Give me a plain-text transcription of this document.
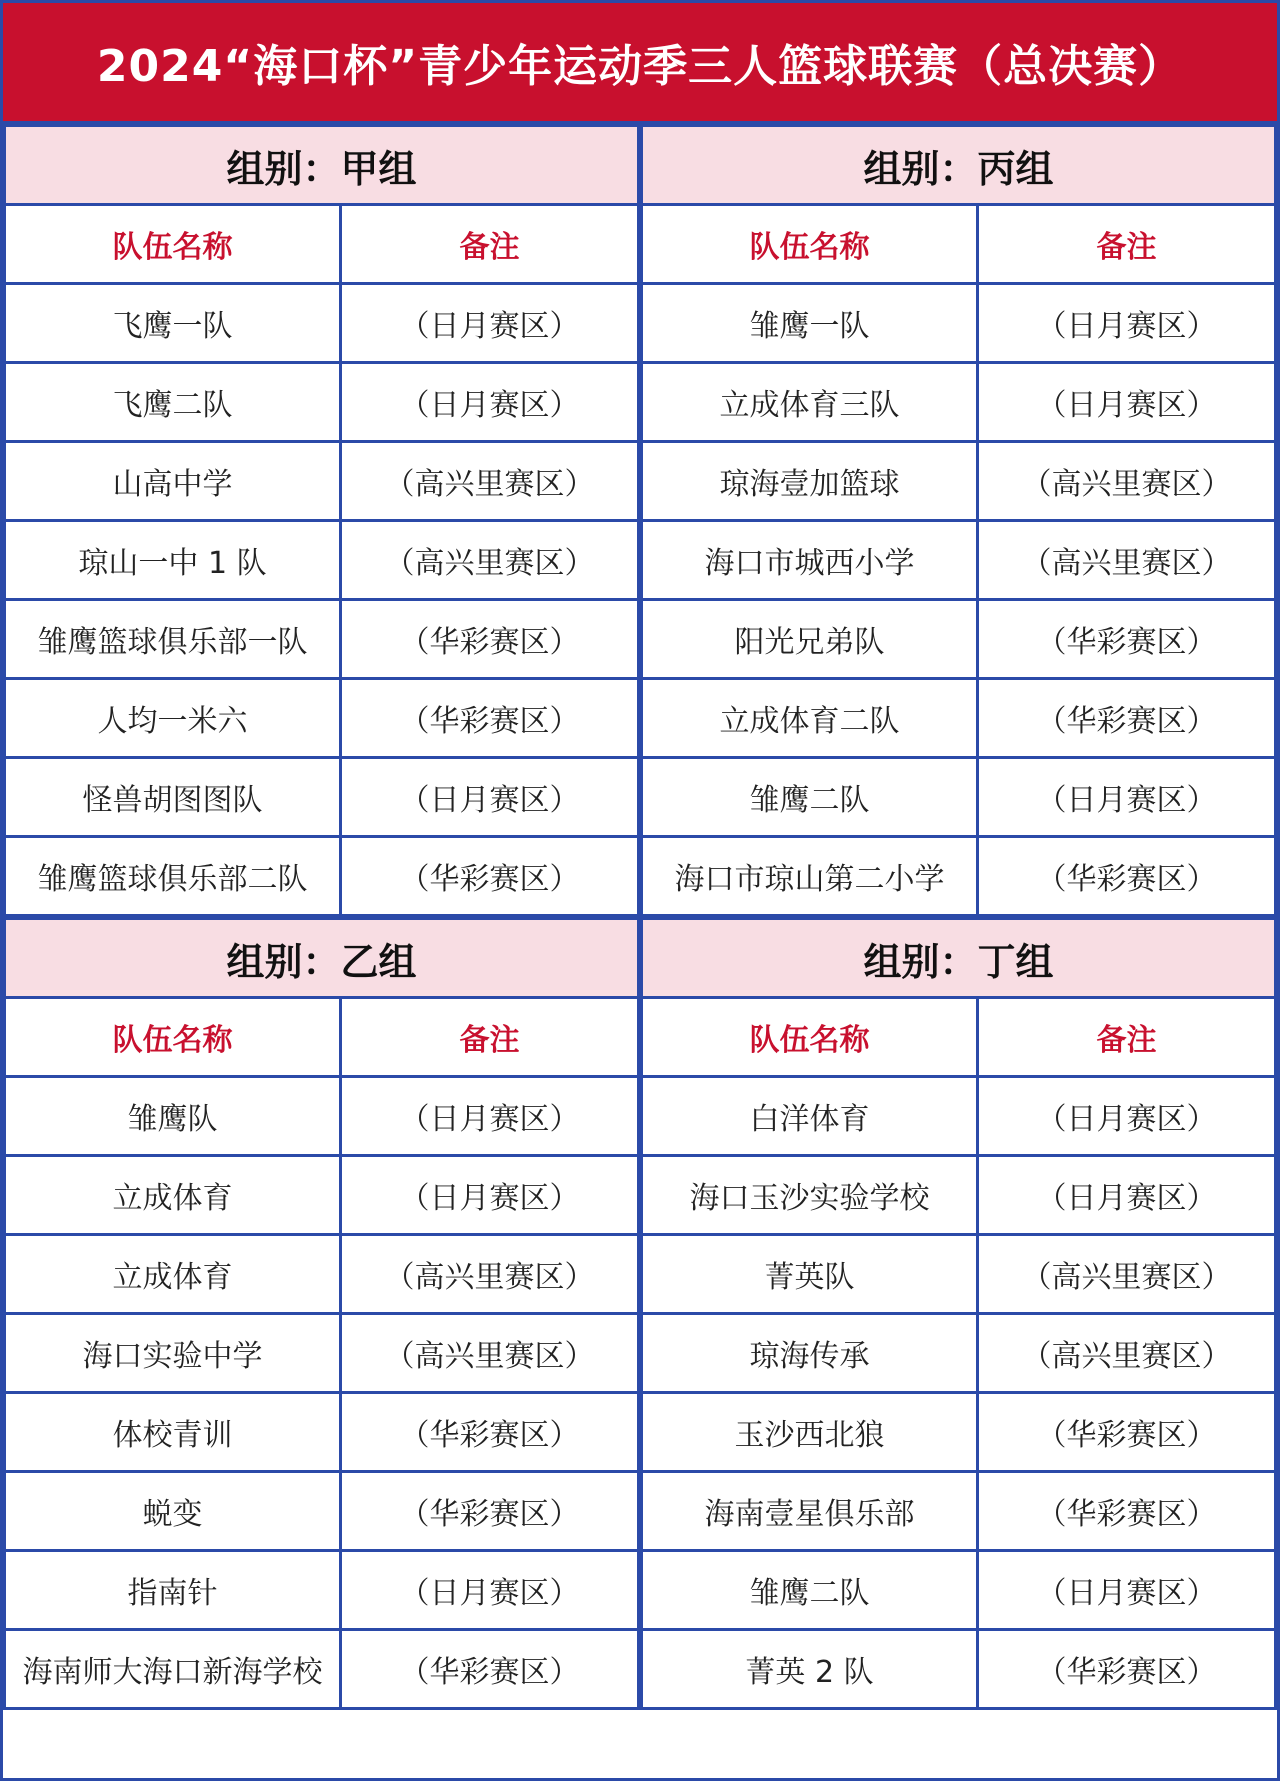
2024“海口杯”青少年运动季三人篮球联赛（总决赛）
组别：甲组	
队伍名称	备注
飞鹰一队	（日月赛区）
飞鹰二队	（日月赛区）
山高中学	（高兴里赛区）
琼山一中 1 队	（高兴里赛区）
雏鹰篮球俱乐部一队	（华彩赛区）
人均一米六	（华彩赛区）
怪兽胡图图队	（日月赛区）
雏鹰篮球俱乐部二队	（华彩赛区）
组别：丙组	
队伍名称	备注
雏鹰一队	（日月赛区）
立成体育三队	（日月赛区）
琼海壹加篮球	（高兴里赛区）
海口市城西小学	（高兴里赛区）
阳光兄弟队	（华彩赛区）
立成体育二队	（华彩赛区）
雏鹰二队	（日月赛区）
海口市琼山第二小学	（华彩赛区）
组别：乙组	
队伍名称	备注
雏鹰队	（日月赛区）
立成体育	（日月赛区）
立成体育	（高兴里赛区）
海口实验中学	（高兴里赛区）
体校青训	（华彩赛区）
蜕变	（华彩赛区）
指南针	（日月赛区）
海南师大海口新海学校	（华彩赛区）
组别：丁组	
队伍名称	备注
白洋体育	（日月赛区）
海口玉沙实验学校	（日月赛区）
菁英队	（高兴里赛区）
琼海传承	（高兴里赛区）
玉沙西北狼	（华彩赛区）
海南壹星俱乐部	（华彩赛区）
雏鹰二队	（日月赛区）
菁英 2 队	（华彩赛区）
